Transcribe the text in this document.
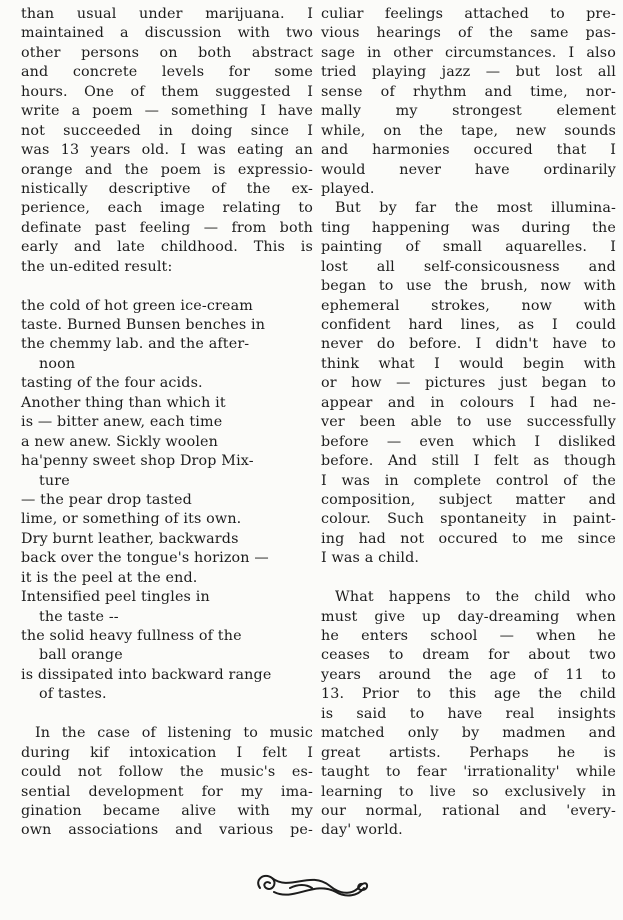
than usual under marijuana. I
maintained a discussion with two
other persons on both abstract
and concrete levels for some
hours. One of them suggested I
write a poem — something I have
not succeeded in doing since I
was 13 years old. I was eating an
orange and the poem is expressio-
nistically descriptive of the ex-
perience, each image relating to
definate past feeling — from both
early and late childhood. This is
the un-edited result:
the cold of hot green ice-cream
taste. Burned Bunsen benches in
the chemmy lab. and the after-
noon
tasting of the four acids.
Another thing than which it
is — bitter anew, each time
a new anew. Sickly woolen
ha'penny sweet shop Drop Mix-
ture
— the pear drop tasted
lime, or something of its own.
Dry burnt leather, backwards
back over the tongue's horizon —
it is the peel at the end.
Intensified peel tingles in
the taste --
the solid heavy fullness of the
ball orange
is dissipated into backward range
of tastes.
In the case of listening to music
during kif intoxication I felt I
could not follow the music's es-
sential development for my ima-
gination became alive with my
own associations and various pe-
culiar feelings attached to pre-
vious hearings of the same pas-
sage in other circumstances. I also
tried playing jazz — but lost all
sense of rhythm and time, nor-
mally my strongest element
while, on the tape, new sounds
and harmonies occured that I
would never have ordinarily
played.
But by far the most illumina-
ting happening was during the
painting of small aquarelles. I
lost all self-consicousness and
began to use the brush, now with
ephemeral strokes, now with
confident hard lines, as I could
never do before. I didn't have to
think what I would begin with
or how — pictures just began to
appear and in colours I had ne-
ver been able to use successfully
before — even which I disliked
before. And still I felt as though
I was in complete control of the
composition, subject matter and
colour. Such spontaneity in paint-
ing had not occured to me since
I was a child.
What happens to the child who
must give up day-dreaming when
he enters school — when he
ceases to dream for about two
years around the age of 11 to
13. Prior to this age the child
is said to have real insights
matched only by madmen and
great artists. Perhaps he is
taught to fear 'irrationality' while
learning to live so exclusively in
our normal, rational and 'every-
day' world.
